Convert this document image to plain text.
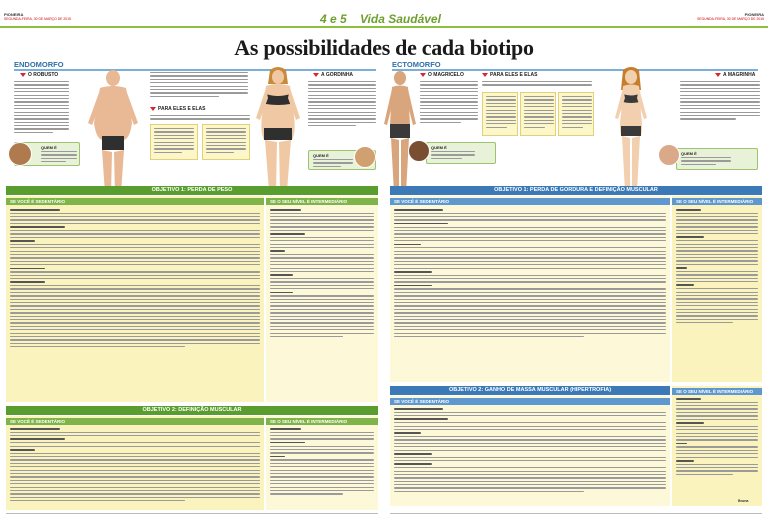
PIONEIRA
SEGUNDA-FEIRA, 30 DE MARÇO DE 2015	4 e 5 Vida Saudável	PIONEIRA
SEGUNDA-FEIRA, 30 DE MARÇO DE 2015
As possibilidades de cada biotipo
ENDOMORFO
O ROBUSTO
PARA ELES E ELAS
A GORDINHA
QUEM É
QUEM É
ECTOMORFO
O MAGRICELO	PARA ELES E ELAS	A MAGRINHA
QUEM É
QUEM É
OBJETIVO 1: PERDA DE PESO
SE VOCÊ É SEDENTÁRIO	SE O SEU NÍVEL É INTERMEDIÁRIO
OBJETIVO 2: DEFINIÇÃO MUSCULAR
SE VOCÊ É SEDENTÁRIO	SE O SEU NÍVEL É INTERMEDIÁRIO
OBJETIVO 1: PERDA DE GORDURA E DEFINIÇÃO MUSCULAR
SE VOCÊ É SEDENTÁRIO	SE O SEU NÍVEL É INTERMEDIÁRIO
OBJETIVO 2: GANHO DE MASSA MUSCULAR (HIPERTROFIA)
SE VOCÊ É SEDENTÁRIO
SE O SEU NÍVEL É INTERMEDIÁRIO
Bruna
